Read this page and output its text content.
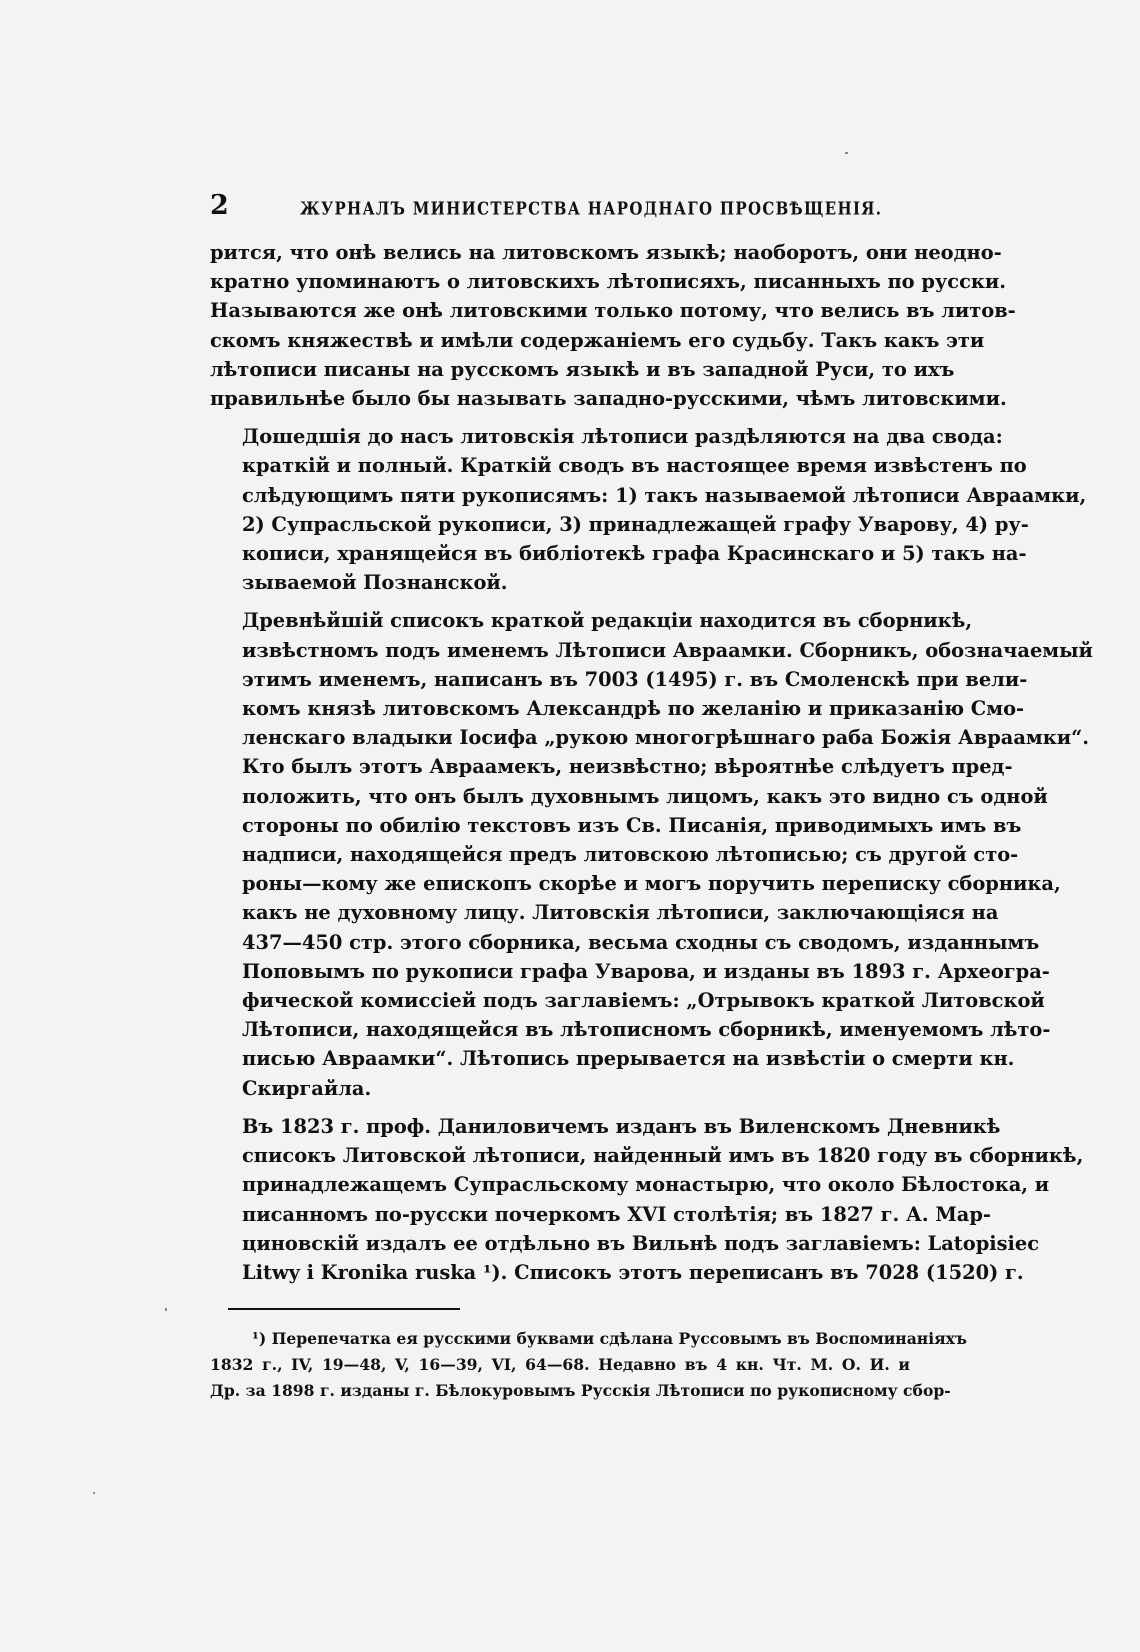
2	ЖУРНАЛЪ МИНИСТЕРСТВА НАРОДНАГО ПРОСВѢЩЕНІЯ.

рится, что онѣ велись на литовскомъ языкѣ; наоборотъ, они неодно-
кратно упоминаютъ о литовскихъ лѣтописяхъ, писанныхъ по русски.
Называются же онѣ литовскими только потому, что велись въ литов-
скомъ княжествѣ и имѣли содержаніемъ его судьбу. Такъ какъ эти
лѣтописи писаны на русскомъ языкѣ и въ западной Руси, то ихъ
правильнѣе было бы называть западно-русскими, чѣмъ литовскими.

Дошедшія до насъ литовскія лѣтописи раздѣляются на два свода:
краткій и полный. Краткій сводъ въ настоящее время извѣстенъ по
слѣдующимъ пяти рукописямъ: 1) такъ называемой лѣтописи Авраамки,
2) Супрасльской рукописи, 3) принадлежащей графу Уварову, 4) ру-
кописи, хранящейся въ библіотекѣ графа Красинскаго и 5) такъ на-
зываемой Познанской.

Древнѣйшій списокъ краткой редакціи находится въ сборникѣ,
извѣстномъ подъ именемъ Лѣтописи Авраамки. Сборникъ, обозначаемый
этимъ именемъ, написанъ въ 7003 (1495) г. въ Смоленскѣ при вели-
комъ князѣ литовскомъ Александрѣ по желанію и приказанію Смо-
ленскаго владыки Іосифа „рукою многогрѣшнаго раба Божія Авраамки“.
Кто былъ этотъ Авраамекъ, неизвѣстно; вѣроятнѣе слѣдуетъ пред-
положить, что онъ былъ духовнымъ лицомъ, какъ это видно съ одной
стороны по обилію текстовъ изъ Св. Писанія, приводимыхъ имъ въ
надписи, находящейся предъ литовскою лѣтописью; съ другой сто-
роны—кому же епископъ скорѣе и могъ поручить переписку сборника,
какъ не духовному лицу. Литовскія лѣтописи, заключающіяся на
437—450 стр. этого сборника, весьма сходны съ сводомъ, изданнымъ
Поповымъ по рукописи графа Уварова, и изданы въ 1893 г. Археогра-
фической комиссіей подъ заглавіемъ: „Отрывокъ краткой Литовской
Лѣтописи, находящейся въ лѣтописномъ сборникѣ, именуемомъ лѣто-
писью Авраамки“. Лѣтопись прерывается на извѣстіи о смерти кн.
Скиргайла.

Въ 1823 г. проф. Даниловичемъ изданъ въ Виленскомъ Дневникѣ
списокъ Литовской лѣтописи, найденный имъ въ 1820 году въ сборникѣ,
принадлежащемъ Супрасльскому монастырю, что около Бѣлостока, и
писанномъ по-русски почеркомъ XVI столѣтія; въ 1827 г. А. Мар-
циновскій издалъ ее отдѣльно въ Вильнѣ подъ заглавіемъ: Latopisiec
Litwy i Kronika ruska ¹). Списокъ этотъ переписанъ въ 7028 (1520) г.

¹) Перепечатка ея русскими буквами сдѣлана Руссовымъ въ Воспоминаніяхъ
1832 г., IV, 19—48, V, 16—39, VI, 64—68. Недавно въ 4 кн. Чт. М. О. И. и
Др. за 1898 г. изданы г. Бѣлокуровымъ Русскія Лѣтописи по рукописному сбор-
